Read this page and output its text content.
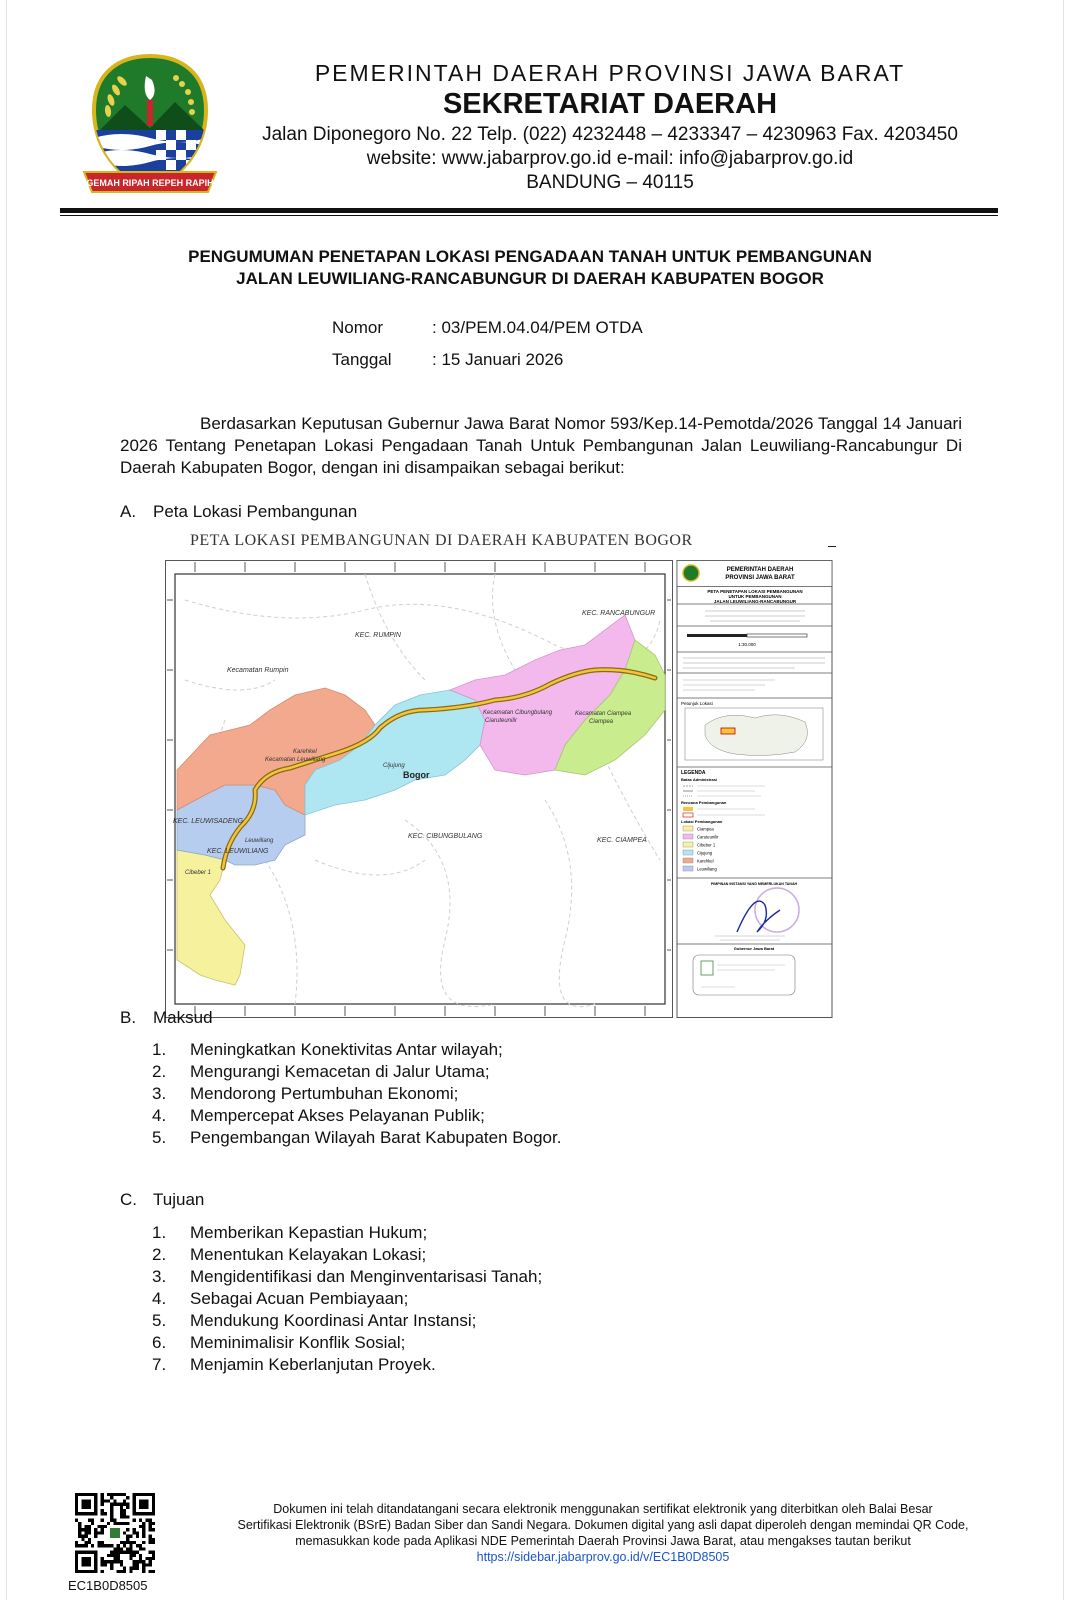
GEMAH RIPAH REPEH RAPIH
PEMERINTAH DAERAH PROVINSI JAWA BARAT
SEKRETARIAT DAERAH
Jalan Diponegoro No. 22 Telp. (022) 4232448 – 4233347 – 4230963 Fax. 4203450
website: www.jabarprov.go.id e-mail: info@jabarprov.go.id
BANDUNG – 40115
PENGUMUMAN PENETAPAN LOKASI PENGADAAN TANAH UNTUK PEMBANGUNAN
JALAN LEUWILIANG-RANCABUNGUR DI DAERAH KABUPATEN BOGOR
Nomor	: 03/PEM.04.04/PEM OTDA
Tanggal : 15 Januari 2026
Berdasarkan Keputusan Gubernur Jawa Barat Nomor 593/Kep.14-Pemotda/2026 Tanggal 14 Januari 2026 Tentang Penetapan Lokasi Pengadaan Tanah Untuk Pembangunan Jalan Leuwiliang-Rancabungur Di Daerah Kabupaten Bogor, dengan ini disampaikan sebagai berikut:
A. Peta Lokasi Pembangunan
PETA LOKASI PEMBANGUNAN DI DAERAH KABUPATEN BOGOR
KEC. RUMPIN
Kecamatan Rumpin
KEC. RANCABUNGUR
Karehkel
Kecamatan Leuwiliang
Kecamatan Cibungbulang
Ciaruteunilir
Kecamatan Ciampea
Ciampea
Cijujung
KEC. LEUWISADENG
Leuwiliang
KEC. LEUWILIANG
Cibeber 1
KEC. CIBUNGBULANG
KEC. CIAMPEA
Bogor
PEMERINTAH DAERAH
PROVINSI JAWA BARAT
PETA PENETAPAN LOKASI PEMBANGUNAN
UNTUK PEMBANGUNAN
JALAN LEUWILIANG-RANCABUNGUR
1:30.000
Petunjuk Lokasi
LEGENDA
Batas Administrasi
Rencana Pembangunan
Lokasi Pembangunan
Ciampea
Caruteunilir
Cibeber 1
Cijujung
Karehkel
Leuwiliang
PIMPINAN INSTANSI YANG MEMERLUKAN TANAH
Gubernur Jawa Barat
B. Maksud
1. Meningkatkan Konektivitas Antar wilayah;
2. Mengurangi Kemacetan di Jalur Utama;
3. Mendorong Pertumbuhan Ekonomi;
4. Mempercepat Akses Pelayanan Publik;
5. Pengembangan Wilayah Barat Kabupaten Bogor.
C. Tujuan
1. Memberikan Kepastian Hukum;
2. Menentukan Kelayakan Lokasi;
3. Mengidentifikasi dan Menginventarisasi Tanah;
4. Sebagai Acuan Pembiayaan;
5. Mendukung Koordinasi Antar Instansi;
6. Meminimalisir Konflik Sosial;
7. Menjamin Keberlanjutan Proyek.
EC1B0D8505
Dokumen ini telah ditandatangani secara elektronik menggunakan sertifikat elektronik yang diterbitkan oleh Balai Besar
Sertifikasi Elektronik (BSrE) Badan Siber dan Sandi Negara. Dokumen digital yang asli dapat diperoleh dengan memindai QR Code,
memasukkan kode pada Aplikasi NDE Pemerintah Daerah Provinsi Jawa Barat, atau mengakses tautan berikut
https://sidebar.jabarprov.go.id/v/EC1B0D8505
